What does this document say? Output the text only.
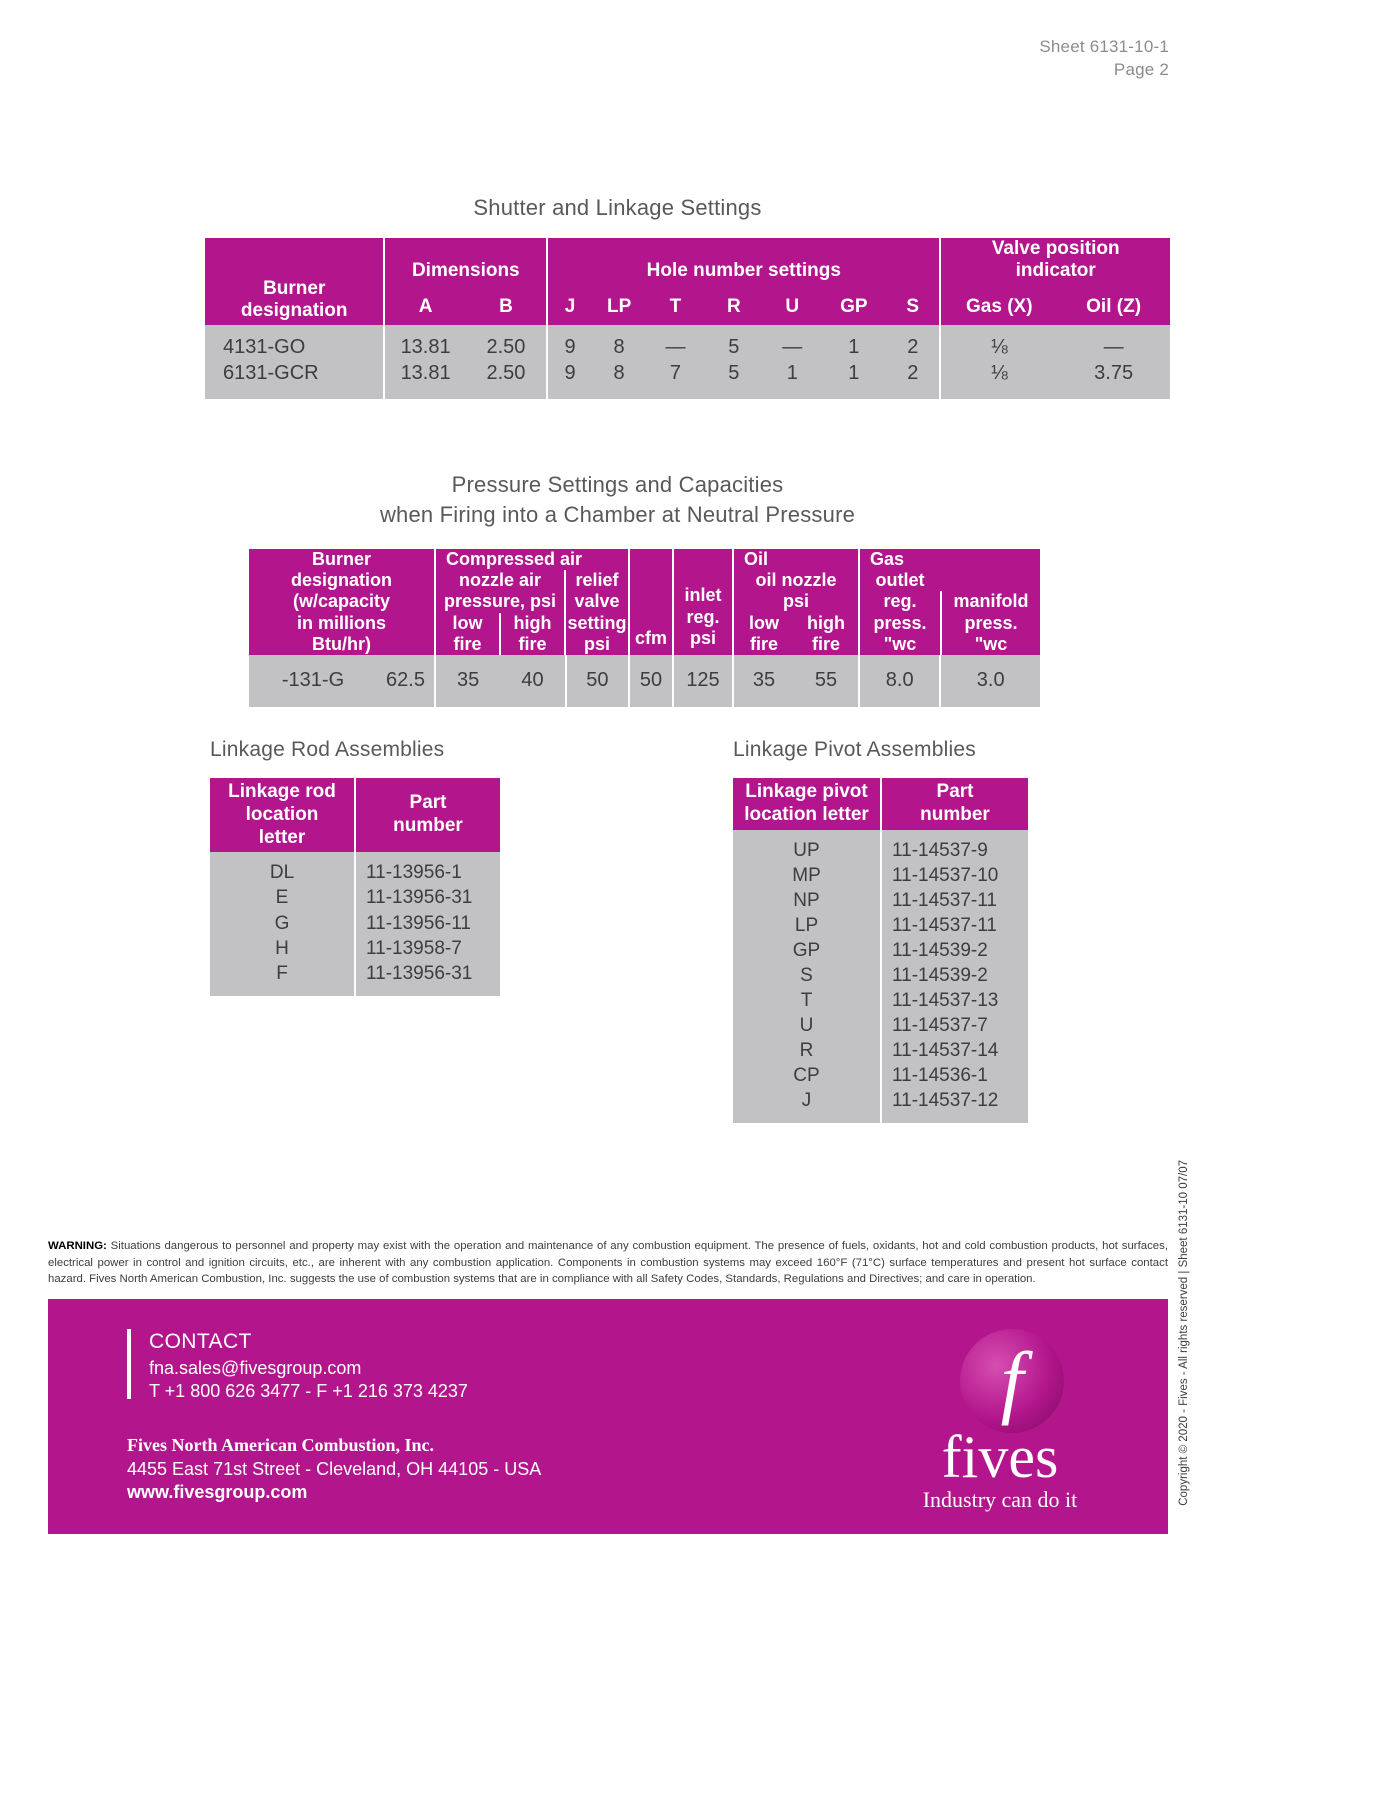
Sheet 6131-10-1
Page 2
Shutter and Linkage Settings
Burner
designation
	Dimensions	Hole number settings	
Valve position
indicator

	A	B	J	LP	T	R	U	GP	S	Gas (X)	Oil (Z)

4131-GO	13.81	2.50	9	8	—	5	—	1	2	⅛	—
6131-GCR	13.81	2.50	9	8	7	5	1	1	2	⅛	3.75

Pressure Settings and Capacities
when Firing into a Chamber at Neutral Pressure
Burner
designation
(w/capacity
in millions
Btu/hr)

Compressed air
nozzle air
pressure, psi
low
fire
high
fire
relief
valve
setting
psi	cfm	
inlet
reg.
psi

Oil
oil nozzle
psi
low
fire
high
fire

Gas
outlet
reg.
press.
"wc
manifold
press.
"wc

-131-G	62.5	35	40	50	50	125	35	55	8.0	3.0

Linkage Rod Assemblies
Linkage rod
location letter

Part
number

DL	11-13956-1
E	11-13956-31
G	11-13956-11
H	11-13958-7
F	11-13956-31

Linkage Pivot Assemblies
Linkage pivot
location letter

Part
number

UP	11-14537-9
MP	11-14537-10
NP	11-14537-11
LP	11-14537-11
GP	11-14539-2
S	11-14539-2
T	11-14537-13
U	11-14537-7
R	11-14537-14
CP	11-14536-1
J	11-14537-12

WARNING: Situations dangerous to personnel and property may exist with the operation and maintenance of any combustion equipment. The presence of fuels, oxidants, hot and cold combustion products, hot surfaces, electrical power in control and ignition circuits, etc., are inherent with any combustion application. Components in combustion systems may exceed 160°F (71°C) surface temperatures and present hot surface contact hazard. Fives North American Combustion, Inc. suggests the use of combustion systems that are in compliance with all Safety Codes, Standards, Regulations and Directives; and care in operation.
CONTACT
fna.sales@fivesgroup.com
T +1 800 626 3477 - F +1 216 373 4237
Fives North American Combustion, Inc.
4455 East 71st Street - Cleveland, OH 44105 - USA
www.fivesgroup.com
f
fives
Industry can do it	Copyright © 2020 - Fives - All rights reserved | Sheet 6131-10 07/07
